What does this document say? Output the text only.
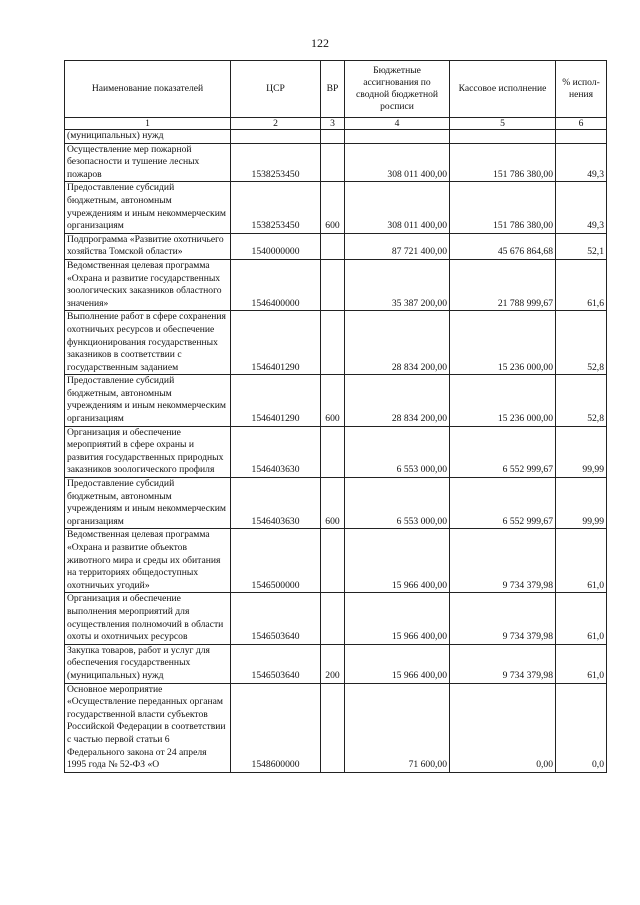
122
Наименование показателей	ЦСР	ВР	Бюджетные ассигнования по сводной бюджетной росписи	Кассовое исполнение	% испол-нения
1	2	3	4	5	6
(муниципальных) нужд					
Осуществление мер пожарной безопасности и тушение лесных пожаров	1538253450		308 011 400,00	151 786 380,00	49,3
Предоставление субсидий бюджетным, автономным учреждениям и иным некоммерческим организациям	1538253450	600	308 011 400,00	151 786 380,00	49,3
Подпрограмма «Развитие охотничьего хозяйства Томской области»	1540000000		87 721 400,00	45 676 864,68	52,1
Ведомственная целевая программа «Охрана и развитие государственных зоологических заказников областного значения»	1546400000		35 387 200,00	21 788 999,67	61,6
Выполнение работ в сфере сохранения охотничьих ресурсов и обеспечение функционирования государственных заказников в соответствии с государственным заданием	1546401290		28 834 200,00	15 236 000,00	52,8
Предоставление субсидий бюджетным, автономным учреждениям и иным некоммерческим организациям	1546401290	600	28 834 200,00	15 236 000,00	52,8
Организация и обеспечение мероприятий в сфере охраны и развития государственных природных заказников зоологического профиля	1546403630		6 553 000,00	6 552 999,67	99,99
Предоставление субсидий бюджетным, автономным учреждениям и иным некоммерческим организациям	1546403630	600	6 553 000,00	6 552 999,67	99,99
Ведомственная целевая программа «Охрана и развитие объектов животного мира и среды их обитания на территориях общедоступных охотничьих угодий»	1546500000		15 966 400,00	9 734 379,98	61,0
Организация и обеспечение выполнения мероприятий для осуществления полномочий в области охоты и охотничьих ресурсов	1546503640		15 966 400,00	9 734 379,98	61,0
Закупка товаров, работ и услуг для обеспечения государственных (муниципальных) нужд	1546503640	200	15 966 400,00	9 734 379,98	61,0
Основное мероприятие «Осуществление переданных органам государственной власти субъектов Российской Федерации в соответствии с частью первой статьи 6 Федерального закона от 24 апреля 1995 года № 52-ФЗ «О	1548600000		71 600,00	0,00	0,0
